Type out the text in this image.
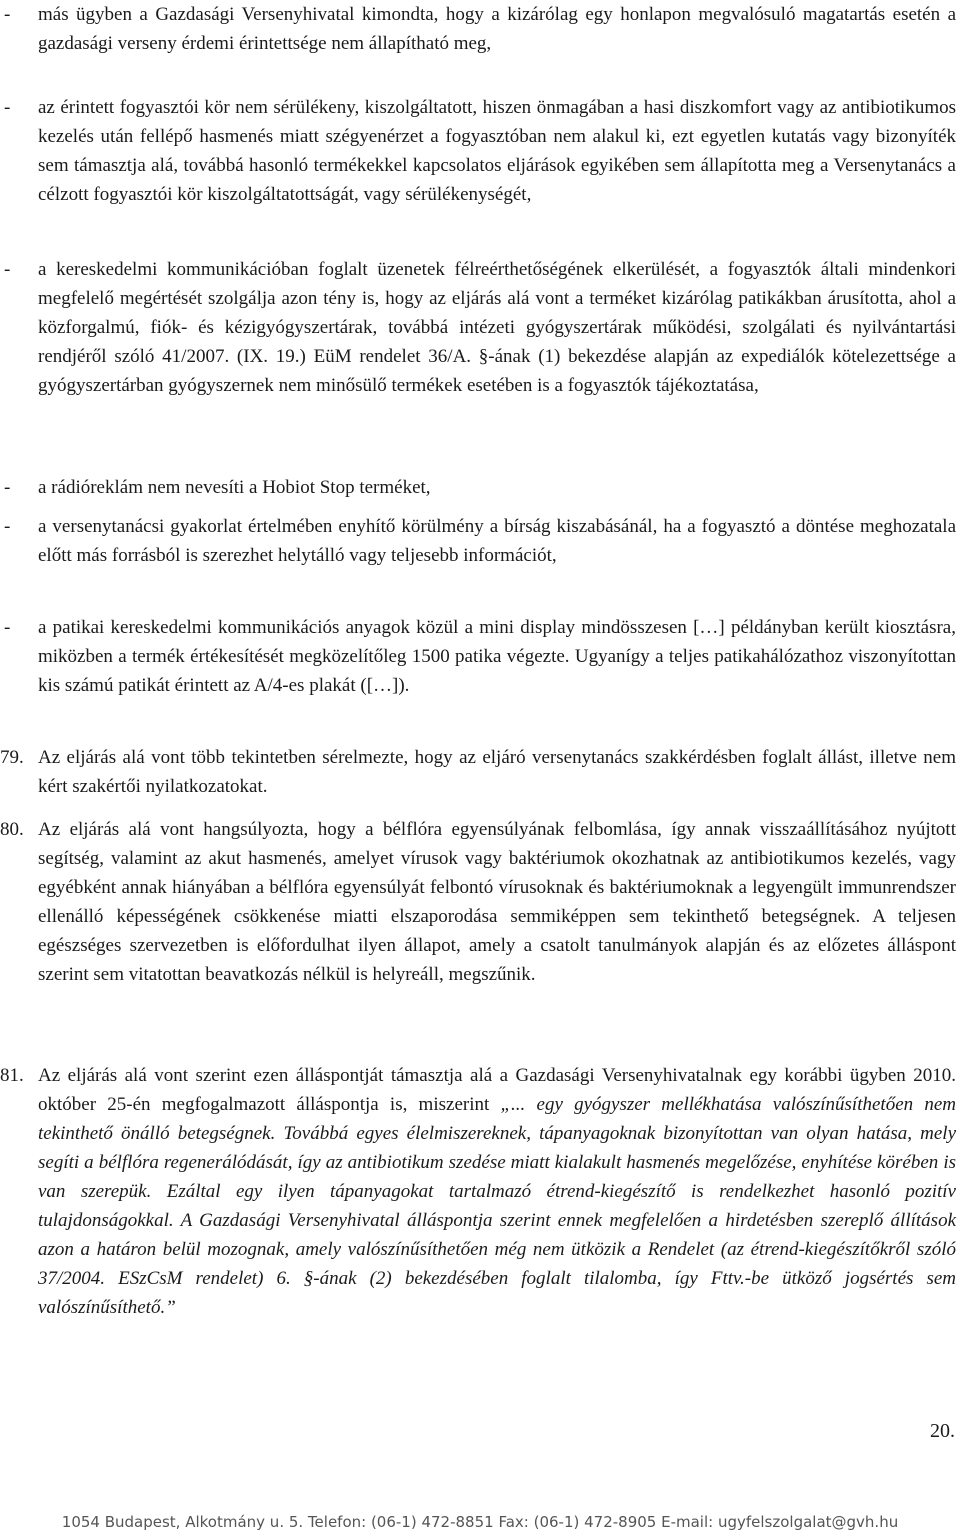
-	más ügyben a Gazdasági Versenyhivatal kimondta, hogy a kizárólag egy honlapon megvalósuló magatartás esetén a gazdasági verseny érdemi érintettsége nem állapítható meg,
-	az érintett fogyasztói kör nem sérülékeny, kiszolgáltatott, hiszen önmagában a hasi diszkomfort vagy az antibiotikumos kezelés után fellépő hasmenés miatt szégyenérzet a fogyasztóban nem alakul ki, ezt egyetlen kutatás vagy bizonyíték sem támasztja alá, továbbá hasonló termékekkel kapcsolatos eljárások egyikében sem állapította meg a Versenytanács a célzott fogyasztói kör kiszolgáltatottságát, vagy sérülékenységét,
-	a kereskedelmi kommunikációban foglalt üzenetek félreérthetőségének elkerülését, a fogyasztók általi mindenkori megfelelő megértését szolgálja azon tény is, hogy az eljárás alá vont a terméket kizárólag patikákban árusította, ahol a közforgalmú, fiók- és kézigyógyszertárak, továbbá intézeti gyógyszertárak működési, szolgálati és nyilvántartási rendjéről szóló 41/2007. (IX. 19.) EüM rendelet 36/A. §-ának (1) bekezdése alapján az expediálók kötelezettsége a gyógyszertárban gyógyszernek nem minősülő termékek esetében is a fogyasztók tájékoztatása,
-	a rádióreklám nem nevesíti a Hobiot Stop terméket,
-	a versenytanácsi gyakorlat értelmében enyhítő körülmény a bírság kiszabásánál, ha a fogyasztó a döntése meghozatala előtt más forrásból is szerezhet helytálló vagy teljesebb információt,
-	a patikai kereskedelmi kommunikációs anyagok közül a mini display mindösszesen […] példányban került kiosztásra, miközben a termék értékesítését megközelítőleg 1500 patika végezte. Ugyanígy a teljes patikahálózathoz viszonyítottan kis számú patikát érintett az A/4-es plakát ([…]).
79. Az eljárás alá vont több tekintetben sérelmezte, hogy az eljáró versenytanács szakkérdésben foglalt állást, illetve nem kért szakértői nyilatkozatokat.
80. Az eljárás alá vont hangsúlyozta, hogy a bélflóra egyensúlyának felbomlása, így annak visszaállításához nyújtott segítség, valamint az akut hasmenés, amelyet vírusok vagy baktériumok okozhatnak az antibiotikumos kezelés, vagy egyébként annak hiányában a bélflóra egyensúlyát felbontó vírusoknak és baktériumoknak a legyengült immunrendszer ellenálló képességének csökkenése miatti elszaporodása semmiképpen sem tekinthető betegségnek. A teljesen egészséges szervezetben is előfordulhat ilyen állapot, amely a csatolt tanulmányok alapján és az előzetes álláspont szerint sem vitatottan beavatkozás nélkül is helyreáll, megszűnik.
81. Az eljárás alá vont szerint ezen álláspontját támasztja alá a Gazdasági Versenyhivatalnak egy korábbi ügyben 2010. október 25-én megfogalmazott álláspontja is, miszerint „... egy gyógyszer mellékhatása valószínűsíthetően nem tekinthető önálló betegségnek. Továbbá egyes élelmiszereknek, tápanyagoknak bizonyítottan van olyan hatása, mely segíti a bélflóra regenerálódását, így az antibiotikum szedése miatt kialakult hasmenés megelőzése, enyhítése körében is van szerepük. Ezáltal egy ilyen tápanyagokat tartalmazó étrend-kiegészítő is rendelkezhet hasonló pozitív tulajdonságokkal. A Gazdasági Versenyhivatal álláspontja szerint ennek megfelelően a hirdetésben szereplő állítások azon a határon belül mozognak, amely valószínűsíthetően még nem ütközik a Rendelet (az étrend-kiegészítőkről szóló 37/2004. ESzCsM rendelet) 6. §-ának (2) bekezdésében foglalt tilalomba, így Fttv.-be ütköző jogsértés sem valószínűsíthető.”
20.
1054 Budapest, Alkotmány u. 5. Telefon: (06-1) 472-8851 Fax: (06-1) 472-8905 E-mail: ugyfelszolgalat@gvh.hu
